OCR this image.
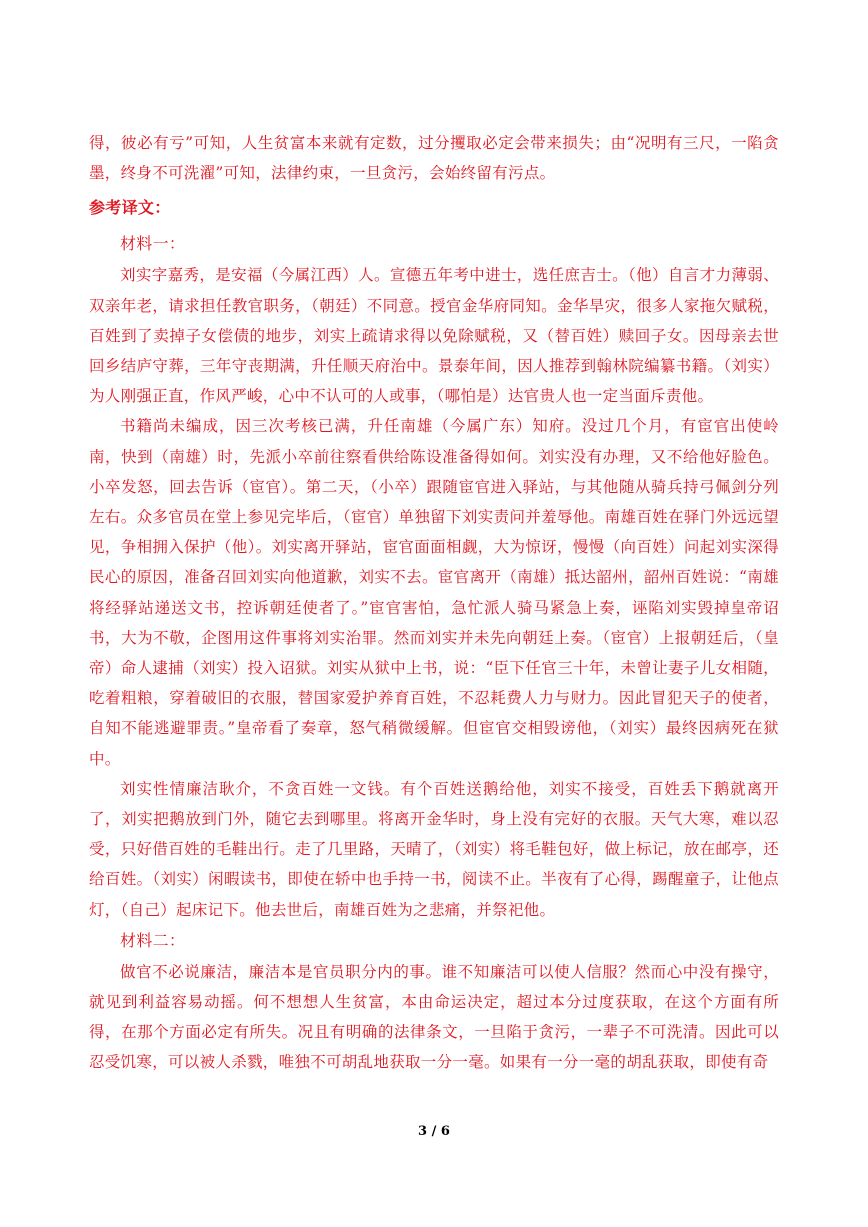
得，彼必有亏”可知，人生贫富本来就有定数，过分攫取必定会带来损失；由“况明有三尺，一陷贪墨，终身不可洗濯”可知，法律约束，一旦贪污，会始终留有污点。

参考译文：

材料一：

刘实字嘉秀，是安福（今属江西）人。宣德五年考中进士，选任庶吉士。（他）自言才力薄弱、双亲年老，请求担任教官职务，（朝廷）不同意。授官金华府同知。金华旱灾，很多人家拖欠赋税，百姓到了卖掉子女偿债的地步，刘实上疏请求得以免除赋税，又（替百姓）赎回子女。因母亲去世回乡结庐守葬，三年守丧期满，升任顺天府治中。景泰年间，因人推荐到翰林院编纂书籍。（刘实）为人刚强正直，作风严峻，心中不认可的人或事，（哪怕是）达官贵人也一定当面斥责他。

书籍尚未编成，因三次考核已满，升任南雄（今属广东）知府。没过几个月，有宦官出使岭南，快到（南雄）时，先派小卒前往察看供给陈设准备得如何。刘实没有办理，又不给他好脸色。小卒发怒，回去告诉（宦官）。第二天，（小卒）跟随宦官进入驿站，与其他随从骑兵持弓佩剑分列左右。众多官员在堂上参见完毕后，（宦官）单独留下刘实责问并羞辱他。南雄百姓在驿门外远远望见，争相拥入保护（他）。刘实离开驿站，宦官面面相觑，大为惊讶，慢慢（向百姓）问起刘实深得民心的原因，准备召回刘实向他道歉，刘实不去。宦官离开（南雄）抵达韶州，韶州百姓说：“南雄将经驿站递送文书，控诉朝廷使者了。”宦官害怕，急忙派人骑马紧急上奏，诬陷刘实毁掉皇帝诏书，大为不敬，企图用这件事将刘实治罪。然而刘实并未先向朝廷上奏。（宦官）上报朝廷后，（皇帝）命人逮捕（刘实）投入诏狱。刘实从狱中上书，说：“臣下任官三十年，未曾让妻子儿女相随，吃着粗粮，穿着破旧的衣服，替国家爱护养育百姓，不忍耗费人力与财力。因此冒犯天子的使者，自知不能逃避罪责。”皇帝看了奏章，怒气稍微缓解。但宦官交相毁谤他，（刘实）最终因病死在狱中。

刘实性情廉洁耿介，不贪百姓一文钱。有个百姓送鹅给他，刘实不接受，百姓丢下鹅就离开了，刘实把鹅放到门外，随它去到哪里。将离开金华时，身上没有完好的衣服。天气大寒，难以忍受，只好借百姓的毛鞋出行。走了几里路，天晴了，（刘实）将毛鞋包好，做上标记，放在邮亭，还给百姓。（刘实）闲暇读书，即使在轿中也手持一书，阅读不止。半夜有了心得，踢醒童子，让他点灯，（自己）起床记下。他去世后，南雄百姓为之悲痛，并祭祀他。

材料二：

做官不必说廉洁，廉洁本是官员职分内的事。谁不知廉洁可以使人信服？然而心中没有操守，就见到利益容易动摇。何不想想人生贫富，本由命运决定，超过本分过度获取，在这个方面有所得，在那个方面必定有所失。况且有明确的法律条文，一旦陷于贪污，一辈子不可洗清。因此可以忍受饥寒，可以被人杀戮，唯独不可胡乱地获取一分一毫。如果有一分一毫的胡乱获取，即使有奇

3 / 6
